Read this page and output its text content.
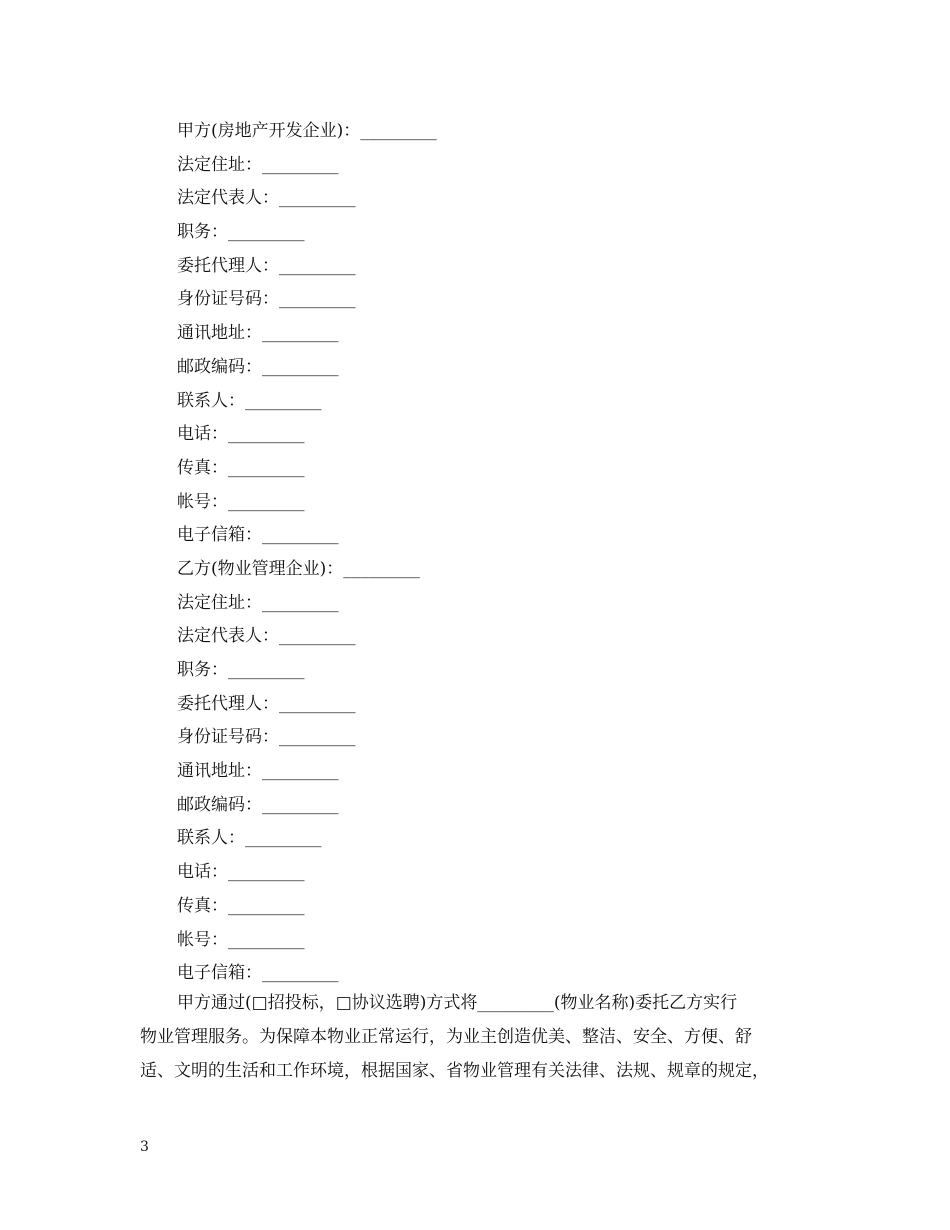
甲方(房地产开发企业)：_________
法定住址：_________
法定代表人：_________
职务：_________
委托代理人：_________
身份证号码：_________
通讯地址：_________
邮政编码：_________
联系人：_________
电话：_________
传真：_________
帐号：_________
电子信箱：_________
乙方(物业管理企业)：_________
法定住址：_________
法定代表人：_________
职务：_________
委托代理人：_________
身份证号码：_________
通讯地址：_________
邮政编码：_________
联系人：_________
电话：_________
传真：_________
帐号：_________
电子信箱：_________
甲方通过(□招投标，□协议选聘)方式将_________(物业名称)委托乙方实行
物业管理服务。为保障本物业正常运行，为业主创造优美、整洁、安全、方便、舒
适、文明的生活和工作环境，根据国家、省物业管理有关法律、法规、规章的规定，
3
